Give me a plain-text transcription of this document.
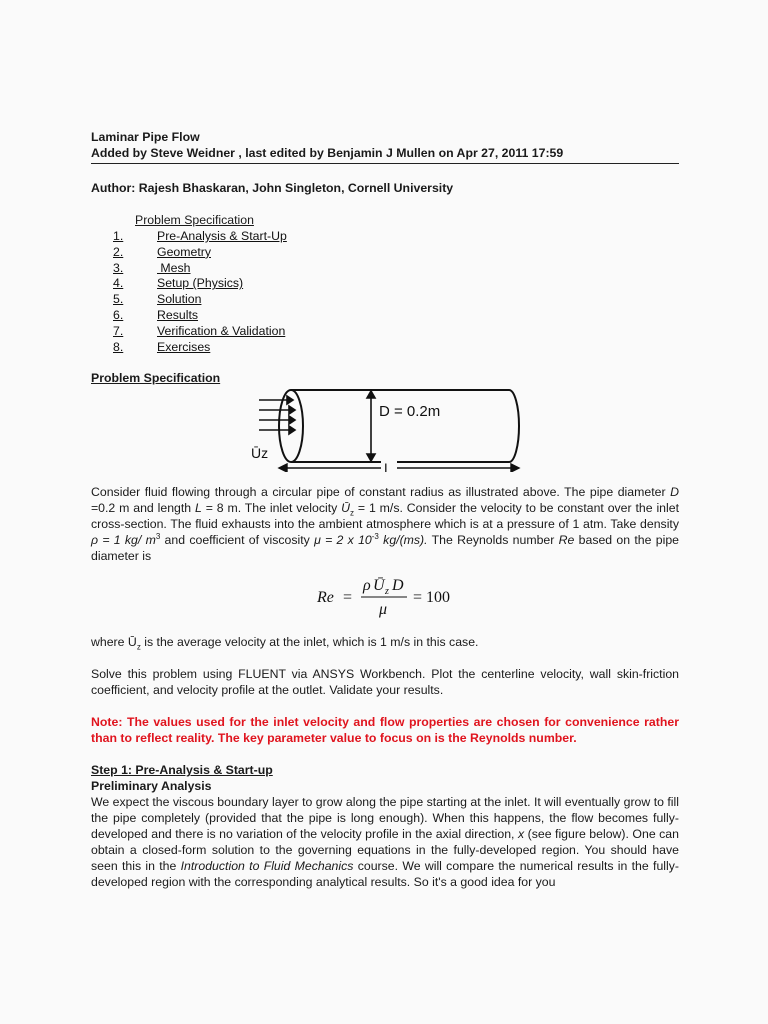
Laminar Pipe Flow
Added by Steve Weidner , last edited by Benjamin J Mullen on Apr 27, 2011 17:59
Author: Rajesh Bhaskaran, John Singleton, Cornell University
Problem Specification
1.	Pre-Analysis & Start-Up
2.	Geometry
3.	Mesh
4.	Setup (Physics)
5.	Solution
6.	Results
7.	Verification & Validation
8.	Exercises
Problem Specification
D = 0.2m
Ūz
L
Consider fluid flowing through a circular pipe of constant radius as illustrated above. The pipe diameter D =0.2 m and length L = 8 m. The inlet velocity $Ū_z = 1$ m/s. Consider the velocity to be constant over the inlet cross-section. The fluid exhausts into the ambient atmosphere which is at a pressure of 1 atm. Take density ρ = 1 kg/ $m^3$ and coefficient of viscosity μ = 2 x $10^{-3}$ kg/(ms). The Reynolds number Re based on the pipe diameter is
Re =
ρ Ū z D
μ
= 100
where $Ū_z$ is the average velocity at the inlet, which is 1 m/s in this case.
Solve this problem using FLUENT via ANSYS Workbench. Plot the centerline velocity, wall skin-friction coefficient, and velocity profile at the outlet. Validate your results.
Note: The values used for the inlet velocity and flow properties are chosen for convenience rather than to reflect reality. The key parameter value to focus on is the Reynolds number.
Step 1: Pre-Analysis & Start-up
Preliminary Analysis
We expect the viscous boundary layer to grow along the pipe starting at the inlet. It will eventually grow to fill the pipe completely (provided that the pipe is long enough). When this happens, the flow becomes fully-developed and there is no variation of the velocity profile in the axial direction, x (see figure below). One can obtain a closed-form solution to the governing equations in the fully-developed region. You should have seen this in the Introduction to Fluid Mechanics course. We will compare the numerical results in the fully-developed region with the corresponding analytical results. So it's a good idea for you
